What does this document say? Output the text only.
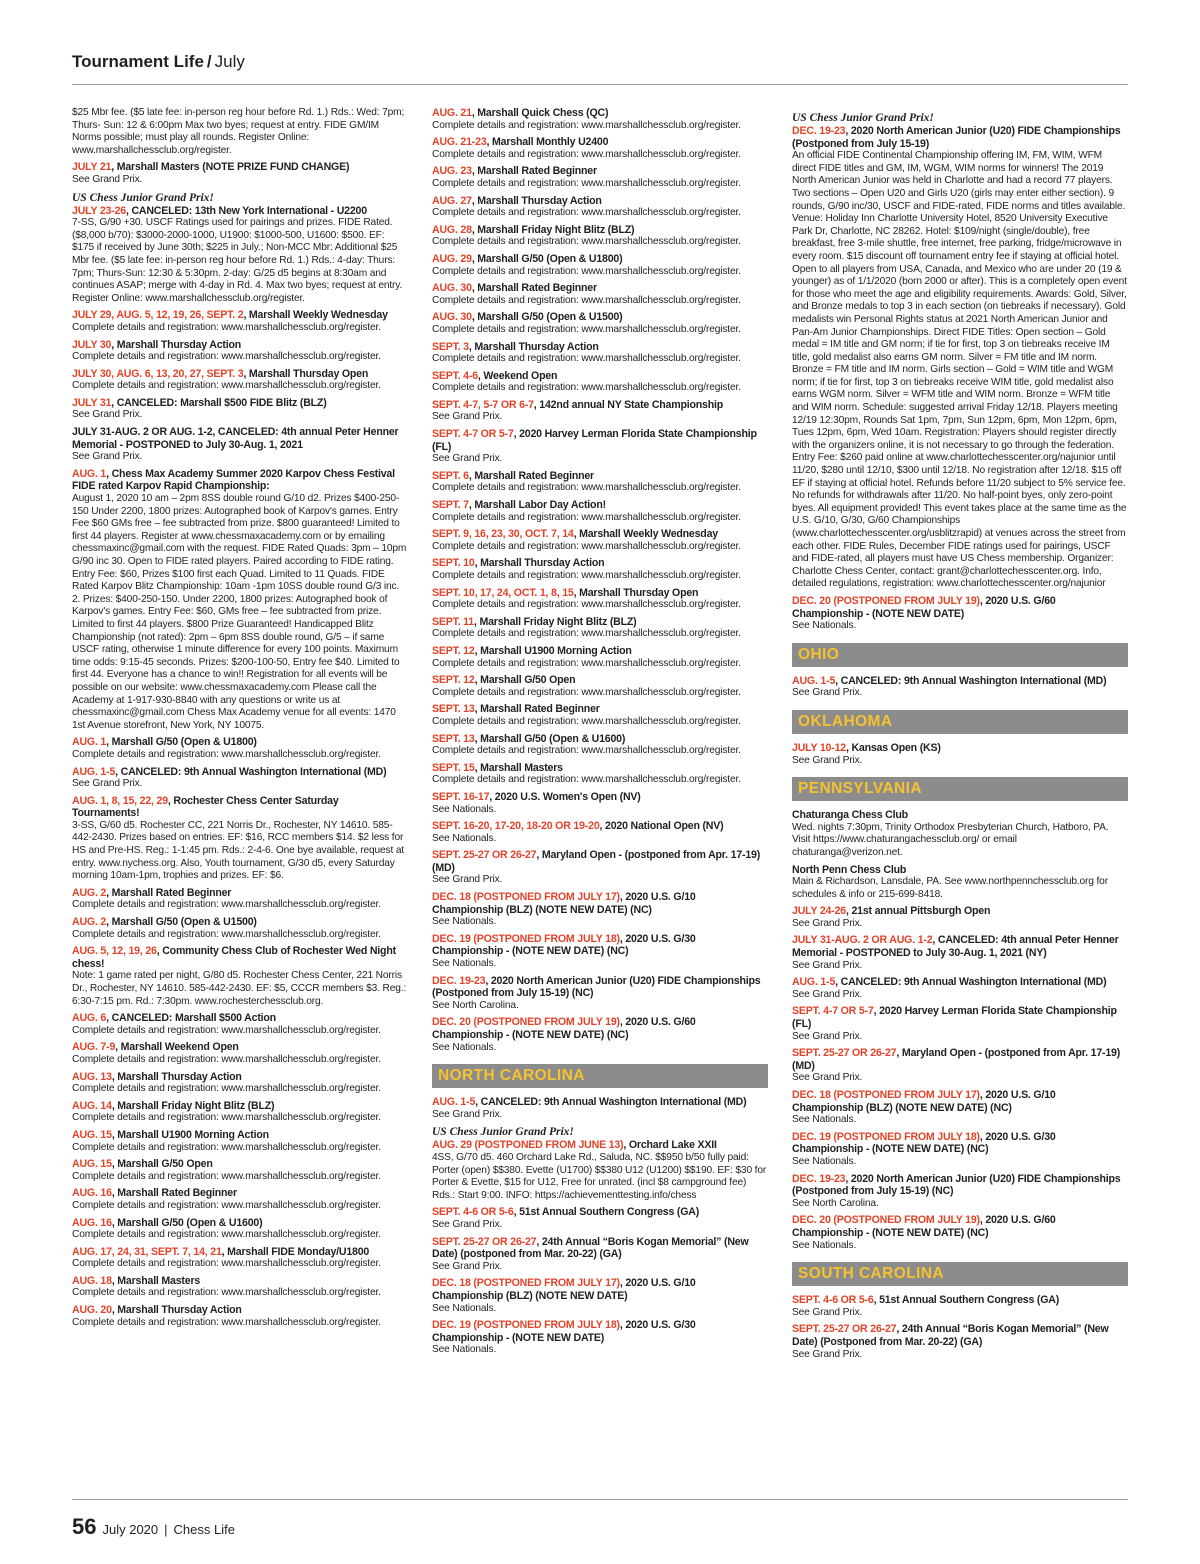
Tournament Life / July
$25 Mbr fee. ($5 late fee: in-person reg hour before Rd. 1.) Rds.: Wed: 7pm; Thurs- Sun: 12 & 6:00pm Max two byes; request at entry. FIDE GM/IM Norms possible; must play all rounds. Register Online: www.marshallchessclub.org/register.
JULY 21, Marshall Masters (NOTE PRIZE FUND CHANGE)
See Grand Prix.
US Chess Junior Grand Prix!
JULY 23-26, CANCELED: 13th New York International - U2200
7-SS, G/90 +30. USCF Ratings used for pairings and prizes. FIDE Rated. ($8,000 b/70): $3000-2000-1000, U1900: $1000-500, U1600: $500. EF: $175 if received by June 30th; $225 in July.; Non-MCC Mbr: Additional $25 Mbr fee. ($5 late fee: in-person reg hour before Rd. 1.) Rds.: 4-day: Thurs: 7pm; Thurs-Sun: 12:30 & 5:30pm. 2-day: G/25 d5 begins at 8:30am and continues ASAP; merge with 4-day in Rd. 4. Max two byes; request at entry. Register Online: www.marshallchessclub.org/register.
JULY 29, AUG. 5, 12, 19, 26, SEPT. 2, Marshall Weekly Wednesday
Complete details and registration: www.marshallchessclub.org/register.
JULY 30, Marshall Thursday Action
Complete details and registration: www.marshallchessclub.org/register.
JULY 30, AUG. 6, 13, 20, 27, SEPT. 3, Marshall Thursday Open
Complete details and registration: www.marshallchessclub.org/register.
JULY 31, CANCELED: Marshall $500 FIDE Blitz (BLZ)
See Grand Prix.
JULY 31-AUG. 2 OR AUG. 1-2, CANCELED: 4th annual Peter Henner Memorial - POSTPONED to July 30-Aug. 1, 2021
See Grand Prix.
AUG. 1, Chess Max Academy Summer 2020 Karpov Chess Festival FIDE rated Karpov Rapid Championship:
August 1, 2020 10 am – 2pm 8SS double round G/10 d2. Prizes $400-250-150 Under 2200, 1800 prizes: Autographed book of Karpov's games. Entry Fee $60 GMs free – fee subtracted from prize. $800 guaranteed! Limited to first 44 players. Register at www.chessmaxacademy.com or by emailing chessmaxinc@gmail.com with the request. FIDE Rated Quads: 3pm – 10pm G/90 inc 30. Open to FIDE rated players. Paired according to FIDE rating. Entry Fee: $60, Prizes $100 first each Quad. Limited to 11 Quads. FIDE Rated Karpov Blitz Championship: 10am -1pm 10SS double round G/3 inc. 2. Prizes: $400-250-150. Under 2200, 1800 prizes: Autographed book of Karpov's games. Entry Fee: $60, GMs free – fee subtracted from prize. Limited to first 44 players. $800 Prize Guaranteed! Handicapped Blitz Championship (not rated): 2pm – 6pm 8SS double round, G/5 – if same USCF rating, otherwise 1 minute difference for every 100 points. Maximum time odds: 9:15-45 seconds. Prizes: $200-100-50, Entry fee $40. Limited to first 44. Everyone has a chance to win!! Registration for all events will be possible on our website: www.chessmaxacademy.com Please call the Academy at 1-917-930-8840 with any questions or write us at chessmaxinc@gmail.com Chess Max Academy venue for all events: 1470 1st Avenue storefront, New York, NY 10075.
AUG. 1, Marshall G/50 (Open & U1800)
Complete details and registration: www.marshallchessclub.org/register.
AUG. 1-5, CANCELED: 9th Annual Washington International (MD)
See Grand Prix.
AUG. 1, 8, 15, 22, 29, Rochester Chess Center Saturday Tournaments!
3-SS, G/60 d5. Rochester CC, 221 Norris Dr., Rochester, NY 14610. 585-442-2430. Prizes based on entries. EF: $16, RCC members $14. $2 less for HS and Pre-HS. Reg.: 1-1:45 pm. Rds.: 2-4-6. One bye available, request at entry. www.nychess.org. Also, Youth tournament, G/30 d5, every Saturday morning 10am-1pm, trophies and prizes. EF: $6.
AUG. 2, Marshall Rated Beginner
Complete details and registration: www.marshallchessclub.org/register.
AUG. 2, Marshall G/50 (Open & U1500)
Complete details and registration: www.marshallchessclub.org/register.
AUG. 5, 12, 19, 26, Community Chess Club of Rochester Wed Night chess!
Note: 1 game rated per night, G/80 d5. Rochester Chess Center, 221 Norris Dr., Rochester, NY 14610. 585-442-2430. EF: $5, CCCR members $3. Reg.: 6:30-7:15 pm. Rd.: 7:30pm. www.rochesterchessclub.org.
AUG. 6, CANCELED: Marshall $500 Action
Complete details and registration: www.marshallchessclub.org/register.
AUG. 7-9, Marshall Weekend Open
Complete details and registration: www.marshallchessclub.org/register.
AUG. 13, Marshall Thursday Action
Complete details and registration: www.marshallchessclub.org/register.
AUG. 14, Marshall Friday Night Blitz (BLZ)
Complete details and registration: www.marshallchessclub.org/register.
AUG. 15, Marshall U1900 Morning Action
Complete details and registration: www.marshallchessclub.org/register.
AUG. 15, Marshall G/50 Open
Complete details and registration: www.marshallchessclub.org/register.
AUG. 16, Marshall Rated Beginner
Complete details and registration: www.marshallchessclub.org/register.
AUG. 16, Marshall G/50 (Open & U1600)
Complete details and registration: www.marshallchessclub.org/register.
AUG. 17, 24, 31, SEPT. 7, 14, 21, Marshall FIDE Monday/U1800
Complete details and registration: www.marshallchessclub.org/register.
AUG. 18, Marshall Masters
Complete details and registration: www.marshallchessclub.org/register.
AUG. 20, Marshall Thursday Action
Complete details and registration: www.marshallchessclub.org/register.
AUG. 21, Marshall Quick Chess (QC)
Complete details and registration: www.marshallchessclub.org/register.
AUG. 21-23, Marshall Monthly U2400
Complete details and registration: www.marshallchessclub.org/register.
AUG. 23, Marshall Rated Beginner
Complete details and registration: www.marshallchessclub.org/register.
AUG. 27, Marshall Thursday Action
Complete details and registration: www.marshallchessclub.org/register.
AUG. 28, Marshall Friday Night Blitz (BLZ)
Complete details and registration: www.marshallchessclub.org/register.
AUG. 29, Marshall G/50 (Open & U1800)
Complete details and registration: www.marshallchessclub.org/register.
AUG. 30, Marshall Rated Beginner
Complete details and registration: www.marshallchessclub.org/register.
AUG. 30, Marshall G/50 (Open & U1500)
Complete details and registration: www.marshallchessclub.org/register.
SEPT. 3, Marshall Thursday Action
Complete details and registration: www.marshallchessclub.org/register.
SEPT. 4-6, Weekend Open
Complete details and registration: www.marshallchessclub.org/register.
SEPT. 4-7, 5-7 OR 6-7, 142nd annual NY State Championship
See Grand Prix.
SEPT. 4-7 OR 5-7, 2020 Harvey Lerman Florida State Championship (FL)
See Grand Prix.
SEPT. 6, Marshall Rated Beginner
Complete details and registration: www.marshallchessclub.org/register.
SEPT. 7, Marshall Labor Day Action!
Complete details and registration: www.marshallchessclub.org/register.
SEPT. 9, 16, 23, 30, OCT. 7, 14, Marshall Weekly Wednesday
Complete details and registration: www.marshallchessclub.org/register.
SEPT. 10, Marshall Thursday Action
Complete details and registration: www.marshallchessclub.org/register.
SEPT. 10, 17, 24, OCT. 1, 8, 15, Marshall Thursday Open
Complete details and registration: www.marshallchessclub.org/register.
SEPT. 11, Marshall Friday Night Blitz (BLZ)
Complete details and registration: www.marshallchessclub.org/register.
SEPT. 12, Marshall U1900 Morning Action
Complete details and registration: www.marshallchessclub.org/register.
SEPT. 12, Marshall G/50 Open
Complete details and registration: www.marshallchessclub.org/register.
SEPT. 13, Marshall Rated Beginner
Complete details and registration: www.marshallchessclub.org/register.
SEPT. 13, Marshall G/50 (Open & U1600)
Complete details and registration: www.marshallchessclub.org/register.
SEPT. 15, Marshall Masters
Complete details and registration: www.marshallchessclub.org/register.
SEPT. 16-17, 2020 U.S. Women's Open (NV)
See Nationals.
SEPT. 16-20, 17-20, 18-20 OR 19-20, 2020 National Open (NV)
See Nationals.
SEPT. 25-27 OR 26-27, Maryland Open - (postponed from Apr. 17-19) (MD)
See Grand Prix.
DEC. 18 (POSTPONED FROM JULY 17), 2020 U.S. G/10 Championship (BLZ) (NOTE NEW DATE) (NC)
See Nationals.
DEC. 19 (POSTPONED FROM JULY 18), 2020 U.S. G/30 Championship - (NOTE NEW DATE) (NC)
See Nationals.
DEC. 19-23, 2020 North American Junior (U20) FIDE Championships (Postponed from July 15-19) (NC)
See North Carolina.
DEC. 20 (POSTPONED FROM JULY 19), 2020 U.S. G/60 Championship - (NOTE NEW DATE) (NC)
See Nationals.
NORTH CAROLINA
AUG. 1-5, CANCELED: 9th Annual Washington International (MD)
See Grand Prix.
US Chess Junior Grand Prix!
AUG. 29 (POSTPONED FROM JUNE 13), Orchard Lake XXII
4SS, G/70 d5. 460 Orchard Lake Rd., Saluda, NC. $$950 b/50 fully paid: Porter (open) $$380. Evette (U1700) $$380 U12 (U1200) $$190. EF: $30 for Porter & Evette, $15 for U12, Free for unrated. (incl $8 campground fee) Rds.: Start 9:00. INFO: https://achievementtesting.info/chess
SEPT. 4-6 OR 5-6, 51st Annual Southern Congress (GA)
See Grand Prix.
SEPT. 25-27 OR 26-27, 24th Annual “Boris Kogan Memorial” (New Date) (postponed from Mar. 20-22) (GA)
See Grand Prix.
DEC. 18 (POSTPONED FROM JULY 17), 2020 U.S. G/10 Championship (BLZ) (NOTE NEW DATE)
See Nationals.
DEC. 19 (POSTPONED FROM JULY 18), 2020 U.S. G/30 Championship - (NOTE NEW DATE)
See Nationals.
US Chess Junior Grand Prix!
DEC. 19-23, 2020 North American Junior (U20) FIDE Championships (Postponed from July 15-19)
An official FIDE Continental Championship offering IM, FM, WIM, WFM direct FIDE titles and GM, IM, WGM, WIM norms for winners! The 2019 North American Junior was held in Charlotte and had a record 77 players. Two sections – Open U20 and Girls U20 (girls may enter either section). 9 rounds, G/90 inc/30, USCF and FIDE-rated, FIDE norms and titles available. Venue: Holiday Inn Charlotte University Hotel, 8520 University Executive Park Dr, Charlotte, NC 28262. Hotel: $109/night (single/double), free breakfast, free 3-mile shuttle, free internet, free parking, fridge/microwave in every room. $15 discount off tournament entry fee if staying at official hotel. Open to all players from USA, Canada, and Mexico who are under 20 (19 & younger) as of 1/1/2020 (born 2000 or after). This is a completely open event for those who meet the age and eligibility requirements. Awards: Gold, Silver, and Bronze medals to top 3 in each section (on tiebreaks if necessary). Gold medalists win Personal Rights status at 2021 North American Junior and Pan-Am Junior Championships. Direct FIDE Titles: Open section – Gold medal = IM title and GM norm; if tie for first, top 3 on tiebreaks receive IM title, gold medalist also earns GM norm. Silver = FM title and IM norm. Bronze = FM title and IM norm. Girls section – Gold = WIM title and WGM norm; if tie for first, top 3 on tiebreaks receive WIM title, gold medalist also earns WGM norm. Silver = WFM title and WIM norm. Bronze = WFM title and WIM norm. Schedule: suggested arrival Friday 12/18. Players meeting 12/19 12:30pm, Rounds Sat 1pm, 7pm, Sun 12pm, 6pm, Mon 12pm, 6pm, Tues 12pm, 6pm, Wed 10am. Registration: Players should register directly with the organizers online, it is not necessary to go through the federation. Entry Fee: $260 paid online at www.charlottechesscenter.org/najunior until 11/20, $280 until 12/10, $300 until 12/18. No registration after 12/18. $15 off EF if staying at official hotel. Refunds before 11/20 subject to 5% service fee. No refunds for withdrawals after 11/20. No half-point byes, only zero-point byes. All equipment provided! This event takes place at the same time as the U.S. G/10, G/30, G/60 Championships (www.charlottechesscenter.org/usblitzrapid) at venues across the street from each other. FIDE Rules, December FIDE ratings used for pairings, USCF and FIDE-rated, all players must have US Chess membership. Organizer: Charlotte Chess Center, contact: grant@charlottechesscenter.org. Info, detailed regulations, registration: www.charlottechesscenter.org/najunior
DEC. 20 (POSTPONED FROM JULY 19), 2020 U.S. G/60 Championship - (NOTE NEW DATE)
See Nationals.
OHIO
AUG. 1-5, CANCELED: 9th Annual Washington International (MD)
See Grand Prix.
OKLAHOMA
JULY 10-12, Kansas Open (KS)
See Grand Prix.
PENNSYLVANIA
Chaturanga Chess Club
Wed. nights 7:30pm, Trinity Orthodox Presbyterian Church, Hatboro, PA. Visit https://www.chaturangachessclub.org/ or email chaturanga@verizon.net.
North Penn Chess Club
Main & Richardson, Lansdale, PA. See www.northpennchessclub.org for schedules & info or 215-699-8418.
JULY 24-26, 21st annual Pittsburgh Open
See Grand Prix.
JULY 31-AUG. 2 OR AUG. 1-2, CANCELED: 4th annual Peter Henner Memorial - POSTPONED to July 30-Aug. 1, 2021 (NY)
See Grand Prix.
AUG. 1-5, CANCELED: 9th Annual Washington International (MD)
See Grand Prix.
SEPT. 4-7 OR 5-7, 2020 Harvey Lerman Florida State Championship (FL)
See Grand Prix.
SEPT. 25-27 OR 26-27, Maryland Open - (postponed from Apr. 17-19) (MD)
See Grand Prix.
DEC. 18 (POSTPONED FROM JULY 17), 2020 U.S. G/10 Championship (BLZ) (NOTE NEW DATE) (NC)
See Nationals.
DEC. 19 (POSTPONED FROM JULY 18), 2020 U.S. G/30 Championship - (NOTE NEW DATE) (NC)
See Nationals.
DEC. 19-23, 2020 North American Junior (U20) FIDE Championships (Postponed from July 15-19) (NC)
See North Carolina.
DEC. 20 (POSTPONED FROM JULY 19), 2020 U.S. G/60 Championship - (NOTE NEW DATE) (NC)
See Nationals.
SOUTH CAROLINA
SEPT. 4-6 OR 5-6, 51st Annual Southern Congress (GA)
See Grand Prix.
SEPT. 25-27 OR 26-27, 24th Annual “Boris Kogan Memorial” (New Date) (Postponed from Mar. 20-22) (GA)
See Grand Prix.
56 July 2020 | Chess Life
